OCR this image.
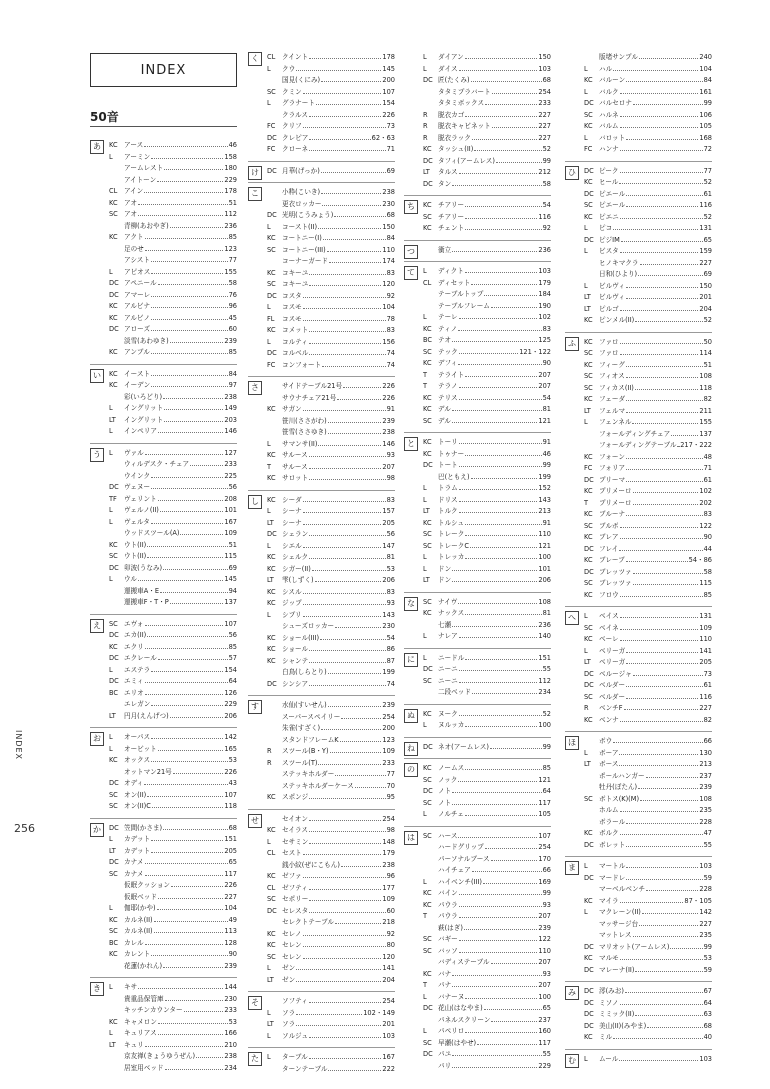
INDEX
50音
あ	KC アース	46
L	アーミン	158
アームレスト	180
アイトーン	229
CL	アイン	178
KC アオ	51
SC アオ	112
青柳(あおやぎ)	236
KC アクト	85
足のせ	123
アシスト	77
L	アピオス	155
DC アペニール	58
DC アマーレ	76
KC アルビナ	96
KC アルビノ	45
DC アローズ	60
淡雪(あわゆき)	239
KC アンブル	85
い	KC イースト	84
KC イーデン	97
彩(いろどり)	238
L	イングリット	149
LT	イングリット	203
L	インペリア	146
う	L	ヴァル	127
ウィルデスク・チェア	233
ウインク	225
DC ヴェヌー	56
TF	ヴェリント	208
L	ヴェルノ(II)	101
L	ヴェルタ	167
ウッドスツール(A)	109
KC ウト(II)	51
SC ウト(II)	115
DC 卯波(うなみ)	69
L	ウル	145
運搬車A・E	94
運搬車F・T・P	137
え	SC エヴォ	107
DC エカ(II)	56
KC エクリ	85
DC エクレール	57
L	エステラ	154
DC エミィ	64
BC エリオ	126
エレガン	229
LT	円月(えんげつ)	206
お	L	オーパス	142
L	オービット	165
KC オックス	53
オットマン21号	226
DC オディ	43
SC オン(II)	107
SC オン(II)C	118
か	DC 笠間(かさま)	68
L	カデット	151
LT	カデット	205
DC カナメ	65
SC カナメ	117
仮眠クッション	226
仮眠ベッド	227
L	伽耶(かや)	104
KC カルネ(II)	49
SC カルネ(II)	113
BC カレル	128
KC カレント	90
花蓮(かれん)	239
き	L	キサ	144
貴重品保管庫	230
キッチンカウンター	233
KC キャメロン	53
L	キュリアス	166
LT	キュリ	210
京友禅(きょうゆうぜん)	238
居室用ベッド	234
く	CL	クイント	178
L	クウ	145
国見(くにみ)	200
SC クミン	107
L	グラナート	154
クラルス	226
FC クリフ	73
DC クレピア	62・63
FC クローネ	71
け	DC 月華(げっか)	69
こ	小粋(こいき)	238
更衣ロッカー	230
DC 光明(こうみょう)	68
L	コースト(II)	150
KC コートニー(I)	84
SC コートニー(III)	110
コーナーガード	174
KC コキーユ	83
SC コキーユ	120
DC コスタ	92
L	コスモ	104
FL	コスモ	78
KC コメット	83
L	コルティ	156
DC コルベル	74
FC コンフォート	74
さ	サイドテーブル21号	226
サウナチェア21号	226
KC サガン	91
笹川(ささがわ)	239
笹雪(ささゆき)	238
L	サマンサ(II)	146
KC サルース	93
T	サルース	207
KC サロット	98
し	KC シーダ	83
L	シーナ	157
LT	シーナ	205
DC シェラン	56
L	シエル	147
KC シェルク	81
KC シガー(II)	53
LT	雫(しずく)	206
KC シスル	83
KC ジップ	93
L	シプリ	143
シューズロッカー	230
KC ショール(III)	54
KC ショール	86
KC シャンテ	87
白鳥(しらとり)	199
DC シンシア	74
す	水仙(すいせん)	239
スーパースペイリー	254
朱雀(すざく)	200
スタンドフレームK	123
R	スツール(B・Y)	109
R	スツール(T)	233
ステッキホルダー	77
ステッキホルダーケース	70
KC スポンジ	95
せ	セイオン	254
KC セイラス	98
L	セサミン	148
CL	セスト	179
銭小紋(ぜにこもん)	238
KC ゼファ	96
CL	ゼフティ	177
SC セポリー	109
DC セレスタ	60
セレクトテーブル	218
KC セレノ	92
KC セレン	80
SC セレン	120
L	ゼン	141
LT	ゼン	204
そ	ソフティ	254
L	ソラ	102・149
LT	ソラ	201
L	ソルジュ	103
た	L	ターブル	167
ターンテーブル	222
L	ダイアン	150
L	ダイス	103
DC 匠(たくみ)	68
タタミプラバート	254
タタミボックス	233
R	脱衣カゴ	227
R	脱衣キャビネット	227
R	脱衣ラック	227
KC タッシュ(II)	52
DC タフィ(アームレス)	99
LT	タルス	212
DC タン	58
ち	KC チアリー	54
SC チアリー	116
KC チェント	92
つ	衝立	236
て	L	ディクト	103
CL	ディセット	179
テーブルトップ	184
テーブルフレーム	190
L	テーレ	102
KC ティノ	83
BC テオ	125
SC テック	121・122
KC デフィ	90
T	テライト	207
T	テラノ	207
KC テリス	54
KC デル	81
SC デル	121
と	KC トーリ	91
KC トゥナー	46
DC トート	99
巴(ともえ)	199
L	トラム	152
L	ドリス	143
LT	トルク	213
KC トルシュ	91
SC トレーク	110
SC トレークC	121
L	トレッカ	100
L	ドン	101
LT	ドン	206
な	SC ナイヴ	108
KC ナックス	81
七瀬	236
L	ナレア	140
に	L	ニードル	151
DC ニーニ	55
SC ニーニ	112
二段ベッド	234
ぬ	KC ヌーク	52
L	ヌルッカ	100
ね	DC ネオ(アームレス)	99
の	KC ノームス	85
SC ノック	121
DC ノト	64
SC ノト	117
L	ノルチェ	105
は	SC ハース	107
ハードグリップ	254
パーソナルブース	170
ハイチェア	66
L	ハイベンチ(III)	169
KC バイン	99
KC パウラ	93
T	パウラ	207
萩(はぎ)	239
SC バギー	122
SC バッソ	110
バディステーブル	207
KC バナ	93
T	パナ	207
L	バナーヌ	100
DC 花山(はなやま)	65
パネルスクリーン	237
L	パペリロ	160
SC 早瀬(はやせ)	117
DC パユ	55
パリ	229
版堵サンプル	240
L	ハル	104
KC バルーン	84
L	バルク	161
DC バルセロナ	99
SC ハルネ	106
KC バルム	105
L	バロット	168
FC ハンナ	72
ひ	DC ピーク	77
KC ヒール	52
DC ピエール	61
SC ピエール	116
KC ピエニ	52
L	ピコ	131
DC ピジIM	65
L	ビスタ	159
ヒノキマクラ	227
日和(ひより)	69
L	ビルヴィ	150
LT	ビルヴィ	201
LT	ピルゴ	204
KC ピンメル(II)	52
ふ	KC ファロ	50
SC ファロ	114
KC フィーグ	51
SC フィオス	108
SC フィカス(II)	118
KC フェーダ	82
LT	フェルマ	211
L	フェンネル	155
フォールディングチェア	137
フォールディングテーブル 217・222
KC フォーン	48
FC フォリア	71
DC プリーマ	61
KC プリメーロ	102
T	プリメーロ	202
KC ブルーナ	83
SC ブルボ	122
KC ブレア	90
DC フレイ	44
KC ブレーブ	54・86
DC ブレッツァ	58
SC ブレッツァ	115
KC フロウ	85
へ	L	ベイス	131
SC ベイネ	109
KC ベーレ	110
L	ベリーガ	141
LT	ベリーガ	205
DC ベルージャ	73
DC ベルダー	61
SC ベルダー	116
R	ベンチF	227
KC ベンナ	82
ほ	ボウ	66
L	ボーア	130
LT	ボース	213
ポールハンガー	237
牡丹(ぼたん)	239
SC ボトス(K)(M)	108
ホルム	235
ボラール	228
KC ボルク	47
DC ボレット	55
ま	L	マートル	103
DC マードレ	59
マーベルベンチ	228
KC マイラ	87・105
L	マクレーン(II)	142
マッサージ台	227
マットレス	235
DC マリオット(アームレス)	99
KC マルモ	53
DC マレーナ(II)	59
み	DC 澪(みお)	67
DC ミソノ	64
DC ミミック(II)	63
DC 美山(II)(みやま)	68
KC ミル	40
む	L	ムール	103
INDEX
256
